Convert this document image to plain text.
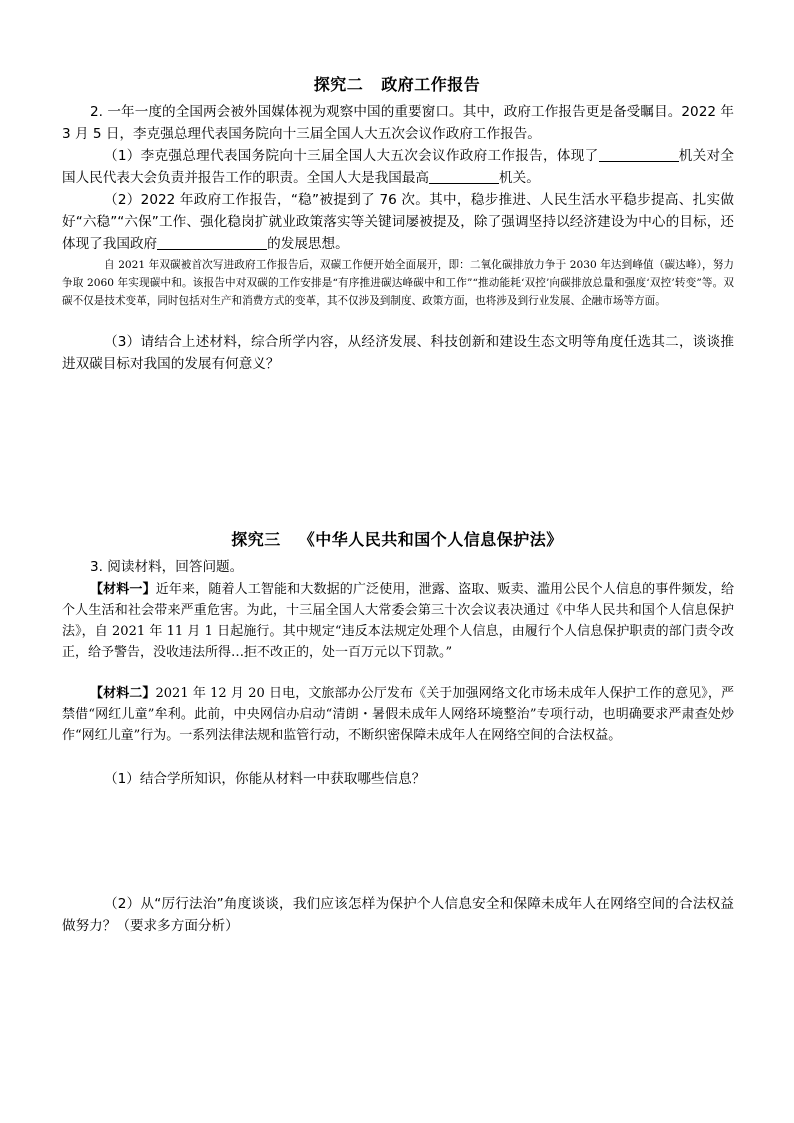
探究二 政府工作报告

2. 一年一度的全国两会被外国媒体视为观察中国的重要窗口。其中，政府工作报告更是备受瞩目。2022 年 3 月 5 日，李克强总理代表国务院向十三届全国人大五次会议作政府工作报告。

（1）李克强总理代表国务院向十三届全国人大五次会议作政府工作报告，体现了	机关对全国人民代表大会负责并报告工作的职责。全国人大是我国最高	机关。

（2）2022 年政府工作报告，“稳”被提到了 76 次。其中，稳步推进、人民生活水平稳步提高、扎实做好“六稳”“六保”工作、强化稳岗扩就业政策落实等关键词屡被提及，除了强调坚持以经济建设为中心的目标，还体现了我国政府	的发展思想。

自 2021 年双碳被首次写进政府工作报告后，双碳工作便开始全面展开，即：二氧化碳排放力争于 2030 年达到峰值（碳达峰），努力争取 2060 年实现碳中和。该报告中对双碳的工作安排是“有序推进碳达峰碳中和工作”“推动能耗‘双控’向碳排放总量和强度‘双控’转变”等。双碳不仅是技术变革，同时包括对生产和消费方式的变革，其不仅涉及到制度、政策方面，也将涉及到行业发展、企融市场等方面。

（3）请结合上述材料，综合所学内容，从经济发展、科技创新和建设生态文明等角度任选其二，谈谈推进双碳目标对我国的发展有何意义？

探究三 《中华人民共和国个人信息保护法》

3. 阅读材料，回答问题。

【材料一】近年来，随着人工智能和大数据的广泛使用，泄露、盗取、贩卖、滥用公民个人信息的事件频发，给个人生活和社会带来严重危害。为此，十三届全国人大常委会第三十次会议表决通过《中华人民共和国个人信息保护法》，自 2021 年 11 月 1 日起施行。其中规定“违反本法规定处理个人信息，由履行个人信息保护职责的部门责令改正，给予警告，没收违法所得…拒不改正的，处一百万元以下罚款。”

【材料二】2021 年 12 月 20 日电，文旅部办公厅发布《关于加强网络文化市场未成年人保护工作的意见》，严禁借“网红儿童”牟利。此前，中央网信办启动“清朗・暑假未成年人网络环境整治”专项行动，也明确要求严肃查处炒作“网红儿童”行为。一系列法律法规和监管行动，不断织密保障未成年人在网络空间的合法权益。

（1）结合学所知识，你能从材料一中获取哪些信息？

（2）从“厉行法治”角度谈谈，我们应该怎样为保护个人信息安全和保障未成年人在网络空间的合法权益做努力？（要求多方面分析）
